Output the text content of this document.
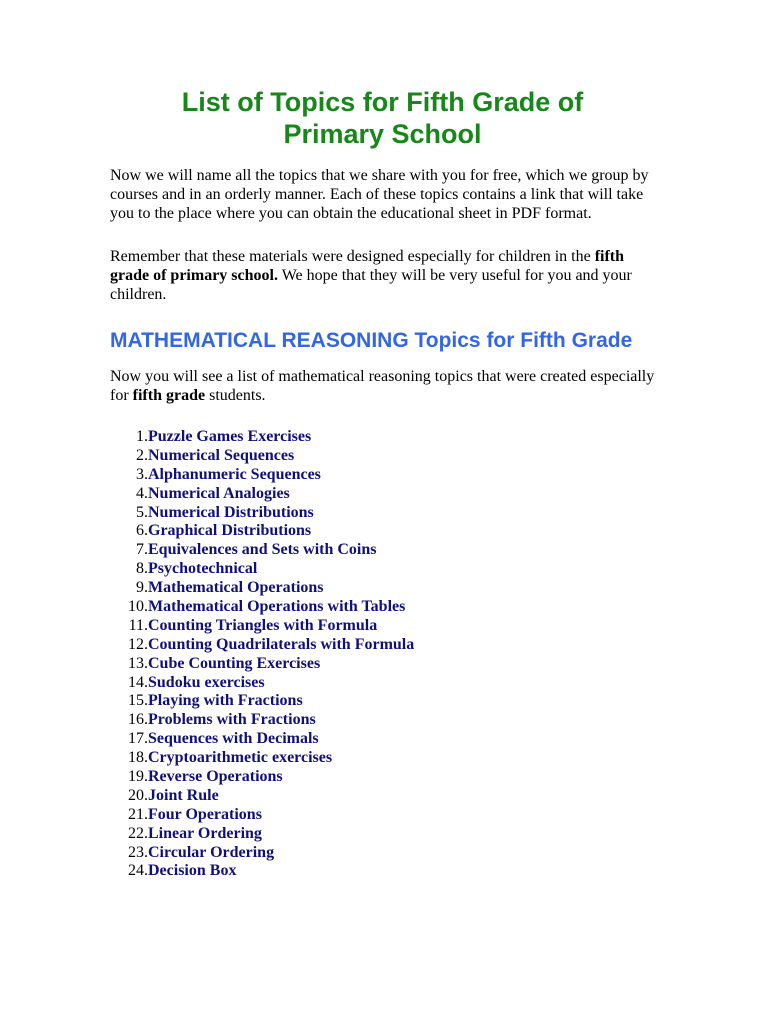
List of Topics for Fifth Grade of
Primary School

Now we will name all the topics that we share with you for free, which we group by courses and in an orderly manner. Each of these topics contains a link that will take you to the place where you can obtain the educational sheet in PDF format.

Remember that these materials were designed especially for children in the fifth grade of primary school. We hope that they will be very useful for you and your children.

MATHEMATICAL REASONING Topics for Fifth Grade

Now you will see a list of mathematical reasoning topics that were created especially for fifth grade students.

1. Puzzle Games Exercises
2. Numerical Sequences
3. Alphanumeric Sequences
4. Numerical Analogies
5. Numerical Distributions
6. Graphical Distributions
7. Equivalences and Sets with Coins
8. Psychotechnical
9. Mathematical Operations
10. Mathematical Operations with Tables
11. Counting Triangles with Formula
12. Counting Quadrilaterals with Formula
13. Cube Counting Exercises
14. Sudoku exercises
15. Playing with Fractions
16. Problems with Fractions
17. Sequences with Decimals
18. Cryptoarithmetic exercises
19. Reverse Operations
20. Joint Rule
21. Four Operations
22. Linear Ordering
23. Circular Ordering
24. Decision Box
